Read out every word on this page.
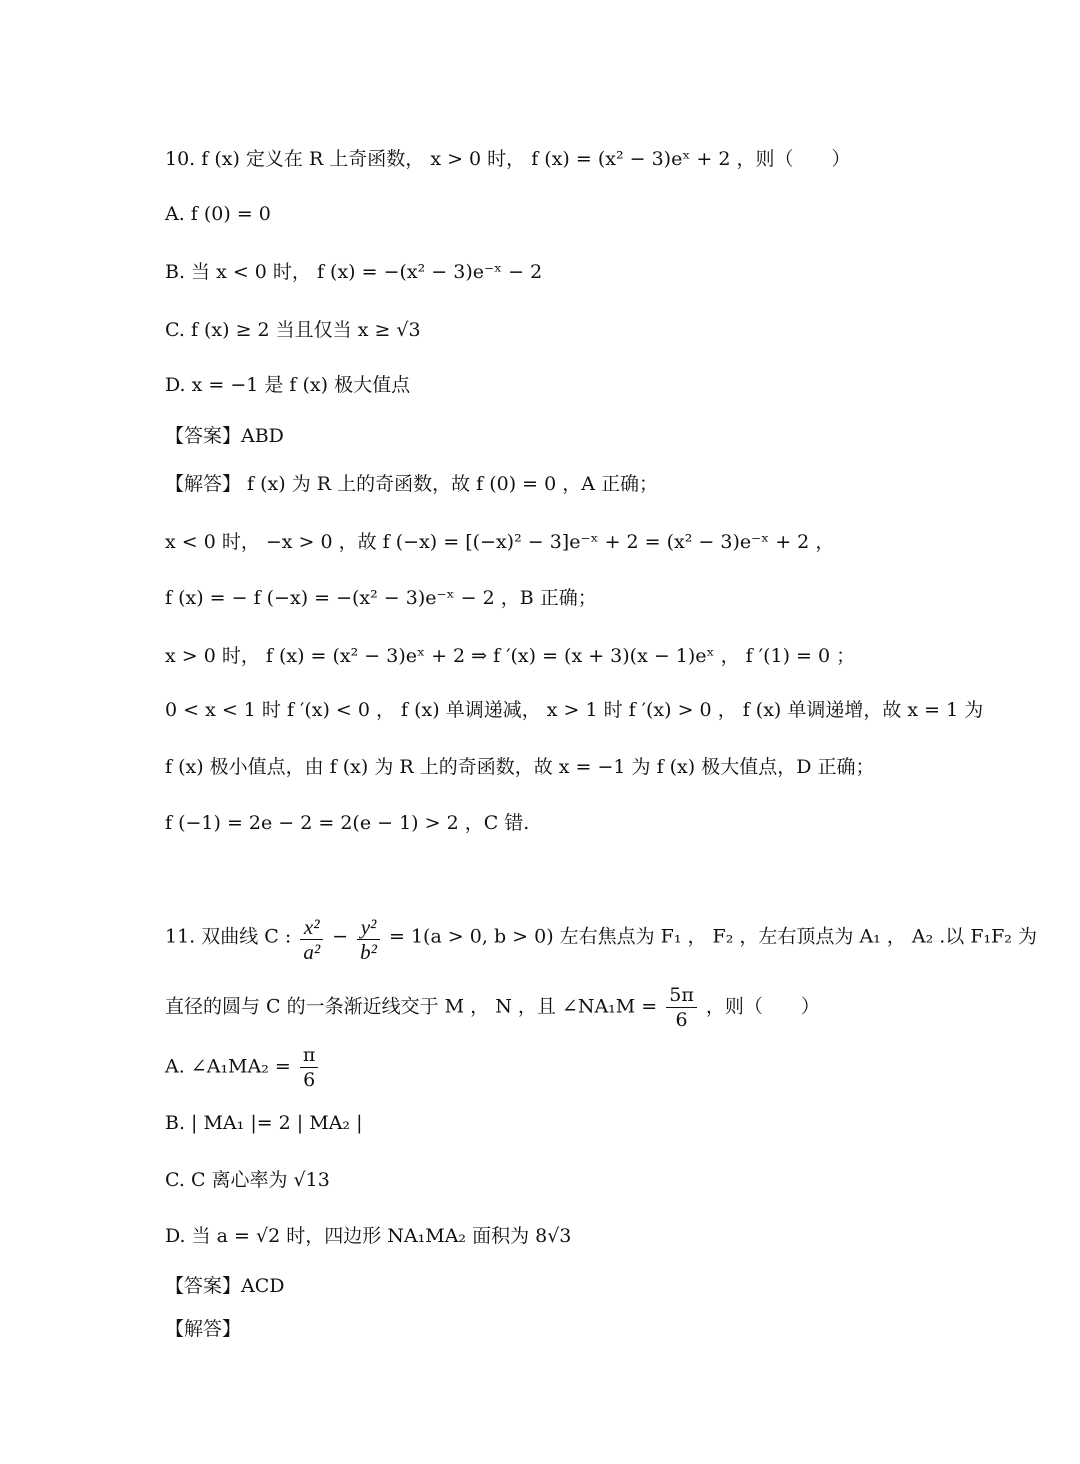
10. f (x) 定义在 R 上奇函数， x > 0 时， f (x) = (x² − 3)eˣ + 2 ，则（　　）
A. f (0) = 0
B. 当 x < 0 时， f (x) = −(x² − 3)e⁻ˣ − 2
C. f (x) ≥ 2 当且仅当 x ≥ √3
D. x = −1 是 f (x) 极大值点
【答案】ABD
【解答】 f (x) 为 R 上的奇函数，故 f (0) = 0 ，A 正确；
x < 0 时， −x > 0 ，故 f (−x) = [(−x)² − 3]e⁻ˣ + 2 = (x² − 3)e⁻ˣ + 2 ，
f (x) = − f (−x) = −(x² − 3)e⁻ˣ − 2 ，B 正确；
x > 0 时， f (x) = (x² − 3)eˣ + 2 ⇒ f ′(x) = (x + 3)(x − 1)eˣ ， f ′(1) = 0 ；
0 < x < 1 时 f ′(x) < 0 ， f (x) 单调递减， x > 1 时 f ′(x) > 0 ， f (x) 单调递增，故 x = 1 为
f (x) 极小值点，由 f (x) 为 R 上的奇函数，故 x = −1 为 f (x) 极大值点，D 正确；
f (−1) = 2e − 2 = 2(e − 1) > 2 ，C 错.
11. 双曲线 C : $\frac{\text{x²}}{\text{a²}} - \frac{\text{y²}}{\text{b²}} = 1(a > 0$, b > 0) 左右焦点为 F₁ ， F₂ ，左右顶点为 A₁ ， A₂ .以 F₁F₂ 为
直径的圆与 C 的一条渐近线交于 M ， N ，且 ∠NA₁M = $\frac{5\pi}{6}$ ，则（　　）
A. ∠A₁MA₂ = $\frac{\pi}{6}$
B. | MA₁ |= 2 | MA₂ |
C. C 离心率为 √13
D. 当 a = √2 时，四边形 NA₁MA₂ 面积为 8√3
【答案】ACD
【解答】
